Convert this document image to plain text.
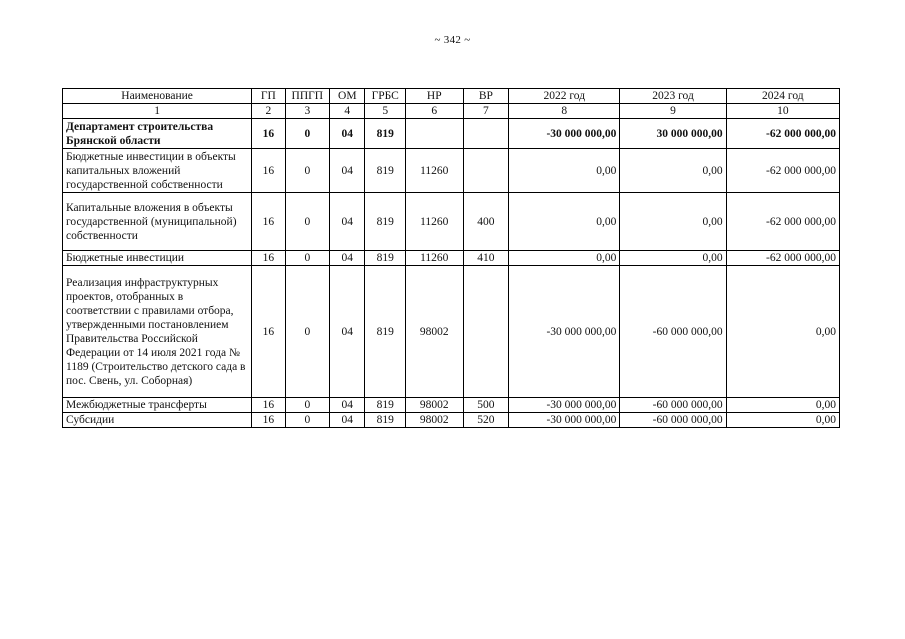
~ 342 ~
Наименование	ГП	ППГП	ОМ	ГРБС	НР	ВР	2022 год	2023 год	2024 год
1	2	3	4	5	6	7	8	9	10
Департамент строительства Брянской области	16	0	04	819			-30 000 000,00	30 000 000,00	-62 000 000,00
Бюджетные инвестиции в объекты капитальных вложений государственной собственности	16	0	04	819	11260		0,00	0,00	-62 000 000,00
Капитальные вложения в объекты государственной (муниципальной) собственности	16	0	04	819	11260	400	0,00	0,00	-62 000 000,00
Бюджетные инвестиции	16	0	04	819	11260	410	0,00	0,00	-62 000 000,00
Реализация инфраструктурных проектов, отобранных в соответствии с правилами отбора, утвержденными постановлением Правительства Российской Федерации от 14 июля 2021 года № 1189 (Строительство детского сада в пос. Свень, ул. Соборная)	16	0	04	819	98002		-30 000 000,00	-60 000 000,00	0,00
Межбюджетные трансферты	16	0	04	819	98002	500	-30 000 000,00	-60 000 000,00	0,00
Субсидии	16	0	04	819	98002	520	-30 000 000,00	-60 000 000,00	0,00
